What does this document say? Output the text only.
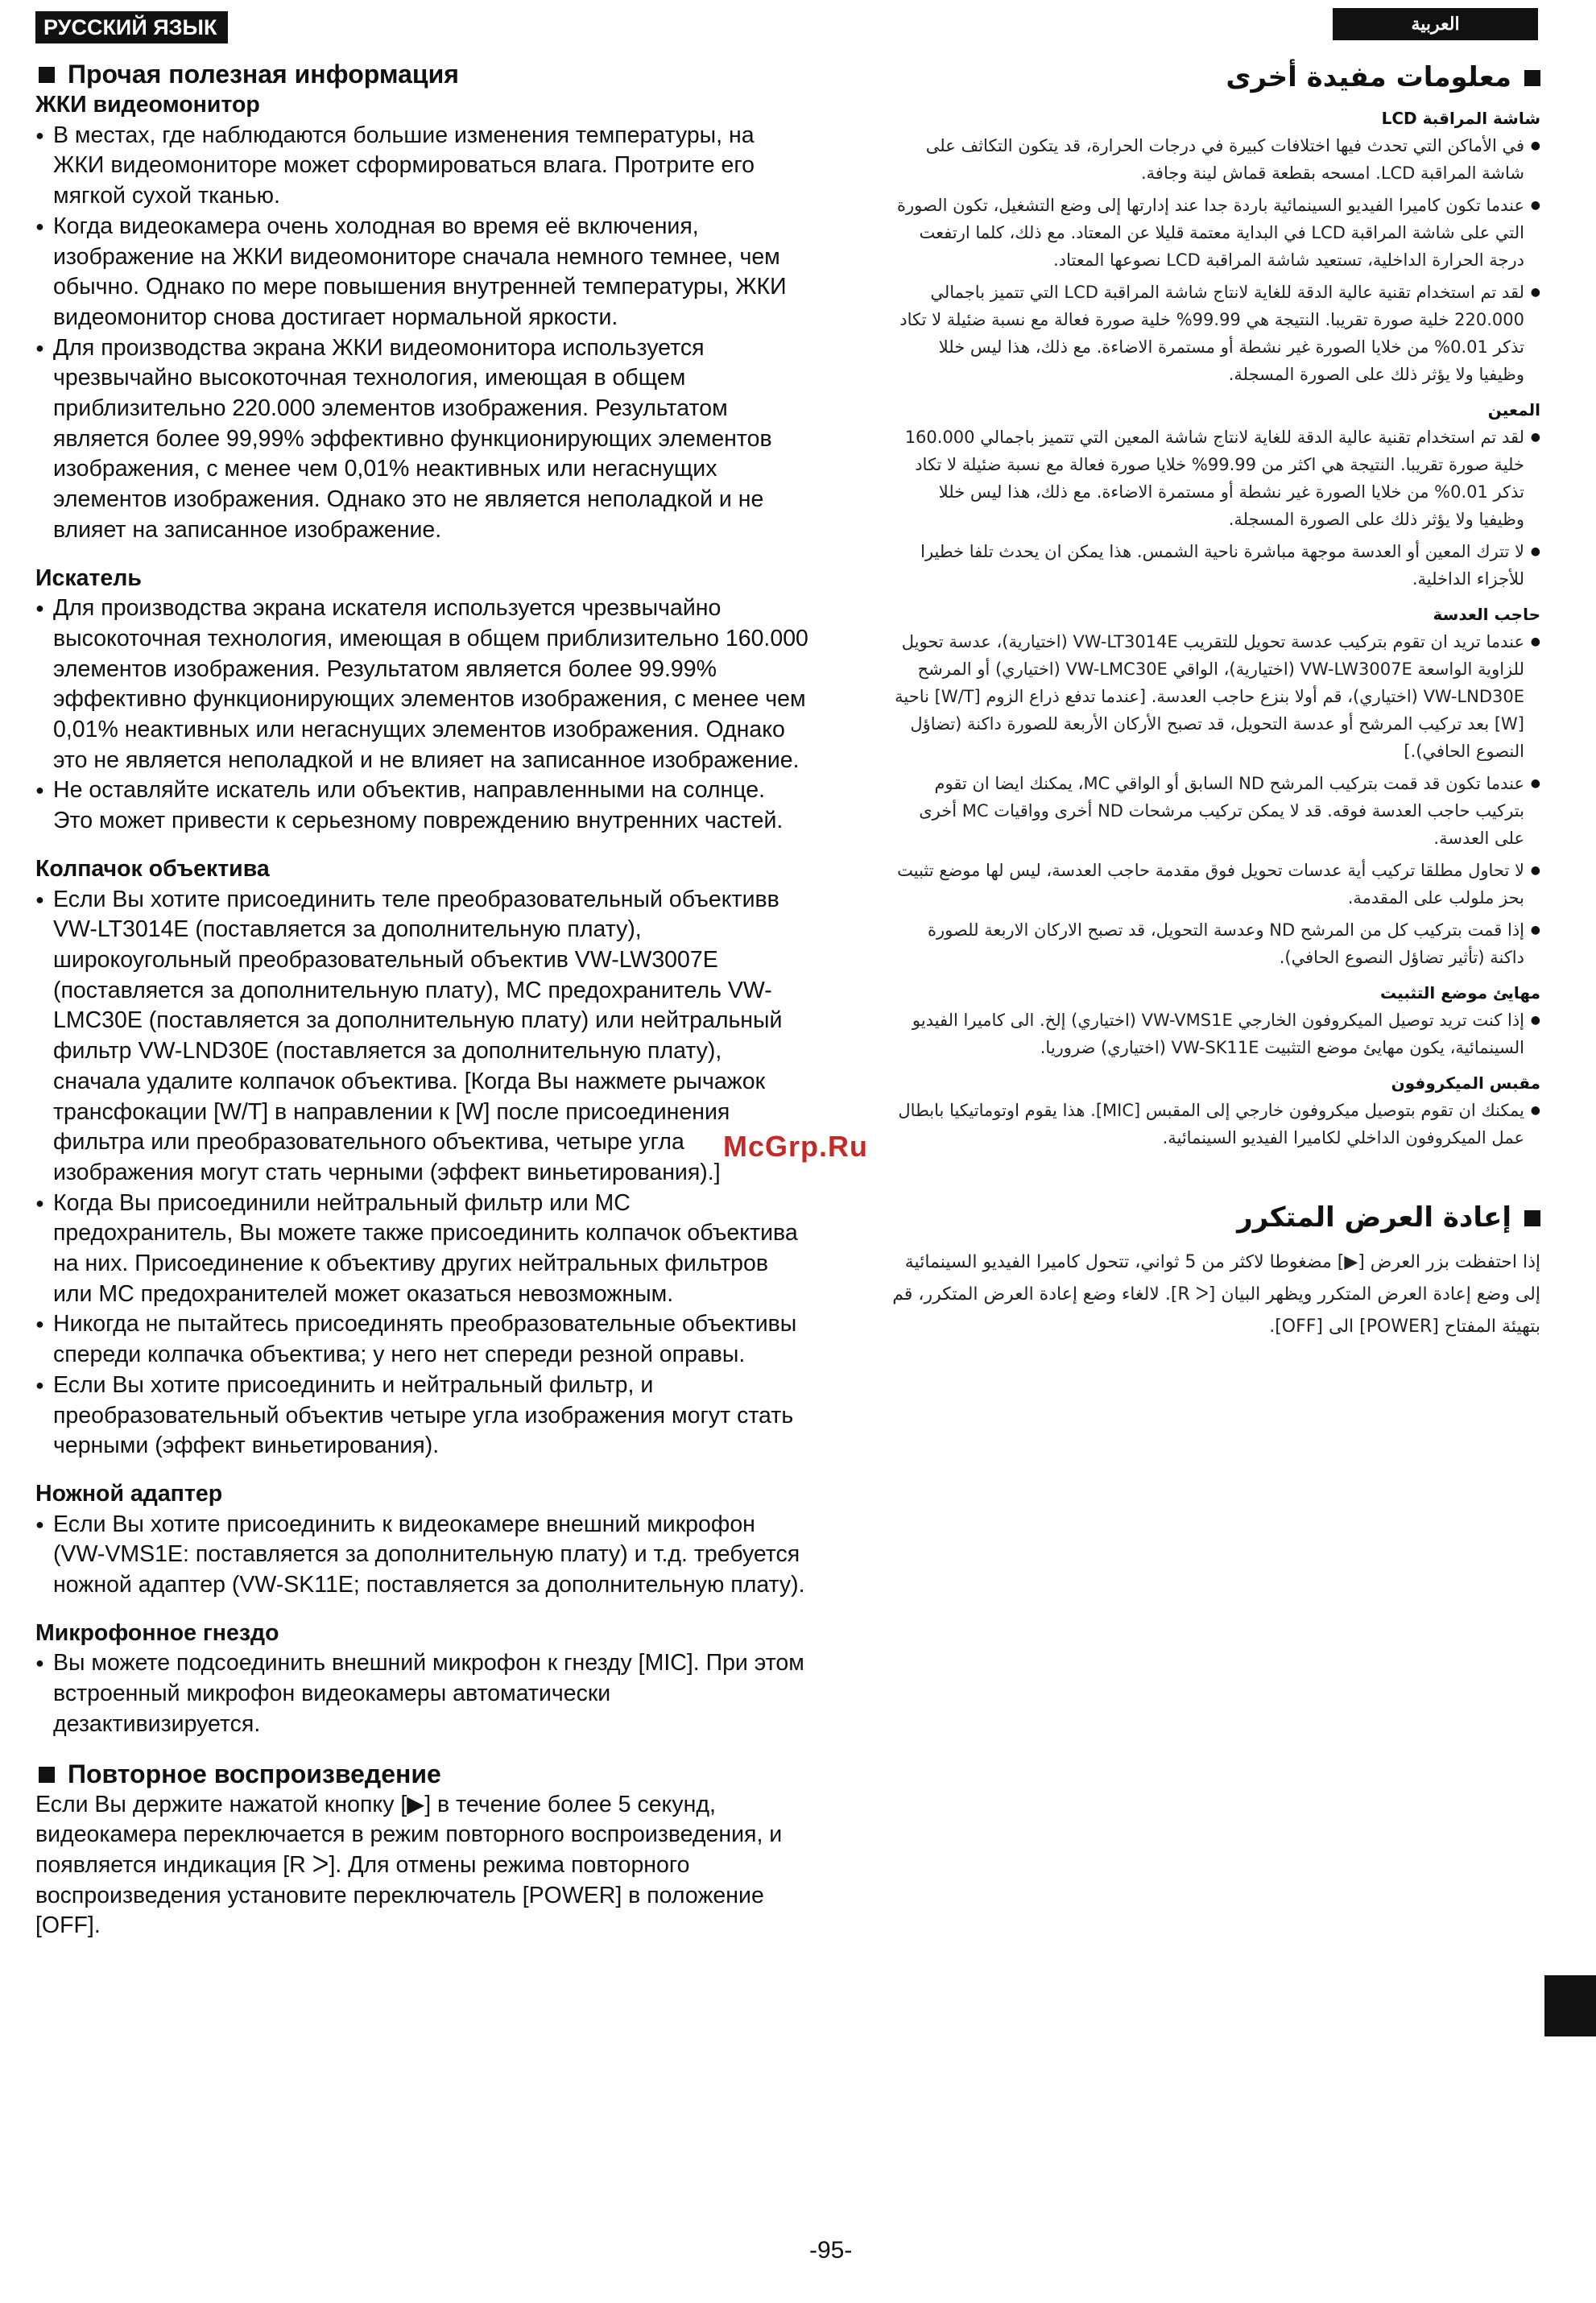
РУССКИЙ ЯЗЫК
Прочая полезная информация
ЖКИ видеомонитор

● В местах, где наблюдаются большие изменения температуры, на ЖКИ видеомониторе может сформироваться влага. Протрите его мягкой сухой тканью.

● Когда видеокамера очень холодная во время её включения, изображение на ЖКИ видеомониторе сначала немного темнее, чем обычно. Однако по мере повышения внутренней температуры, ЖКИ видеомонитор снова достигает нормальной яркости.

● Для производства экрана ЖКИ видеомонитора используется чрезвычайно высокоточная технология, имеющая в общем приблизительно 220.000 элементов изображения. Результатом является более 99,99% эффективно функционирующих элементов изображения, с менее чем 0,01% неактивных или негаснущих элементов изображения. Однако это не является неполадкой и не влияет на записанное изображение.

Искатель

● Для производства экрана искателя используется чрезвычайно высокоточная технология, имеющая в общем приблизительно 160.000 элементов изображения. Результатом является более 99.99% эффективно функционирующих элементов изображения, с менее чем 0,01% неактивных или негаснущих элементов изображения. Однако это не является неполадкой и не влияет на записанное изображение.

● Не оставляйте искатель или объектив, направленными на солнце. Это может привести к серьезному повреждению внутренних частей.

Колпачок объектива

● Если Вы хотите присоединить теле преобразовательный объективв VW-LT3014E (поставляется за дополнительную плату), широкоугольный преобразовательный объектив VW-LW3007E (поставляется за дополнительную плату), МС предохранитель VW-LMC30E (поставляется за дополнительную плату) или нейтральный фильтр VW-LND30E (поставляется за дополнительную плату), сначала удалите колпачок объектива. [Когда Вы нажмете рычажок трансфокации [W/T] в направлении к [W] после присоединения фильтра или преобразовательного объектива, четыре угла изображения могут стать черными (эффект виньетирования).]

● Когда Вы присоединили нейтральный фильтр или МС предохранитель, Вы можете также присоединить колпачок объектива на них. Присоединение к объективу других нейтральных фильтров или МС предохранителей может оказаться невозможным.

● Никогда не пытайтесь присоединять преобразовательные объективы спереди колпачка объектива; у него нет спереди резной оправы.

● Если Вы хотите присоединить и нейтральный фильтр, и преобразовательный объектив четыре угла изображения могут стать черными (эффект виньетирования).

Ножной адаптер

● Если Вы хотите присоединить к видеокамере внешний микрофон (VW-VMS1E: поставляется за дополнительную плату) и т.д. требуется ножной адаптер (VW-SK11E; поставляется за дополнительную плату).

Микрофонное гнездо

● Вы можете подсоединить внешний микрофон к гнезду [MIC]. При этом встроенный микрофон видеокамеры автоматически дезактивизируется.

Повторное воспроизведение

Если Вы держите нажатой кнопку [▶] в течение более 5 секунд, видеокамера переключается в режим повторного воспроизведения, и появляется индикация [R ᐳ]. Для отмены режима повторного воспроизведения установите переключатель [POWER] в положение [OFF].

العربية
معلومات مفيدة أخرى
شاشة المراقبة LCD

● في الأماكن التي تحدث فيها اختلافات كبيرة في درجات الحرارة، قد يتكون التكاثف على شاشة المراقبة LCD. امسحه بقطعة قماش لينة وجافة.

● عندما تكون كاميرا الفيديو السينمائية باردة جدا عند إدارتها إلى وضع التشغيل، تكون الصورة التي على شاشة المراقبة LCD في البداية معتمة قليلا عن المعتاد. مع ذلك، كلما ارتفعت درجة الحرارة الداخلية، تستعيد شاشة المراقبة LCD نصوعها المعتاد.

● لقد تم استخدام تقنية عالية الدقة للغاية لانتاج شاشة المراقبة LCD التي تتميز باجمالي 220.000 خلية صورة تقريبا. النتيجة هي 99.99% خلية صورة فعالة مع نسبة ضئيلة لا تكاد تذكر 0.01% من خلايا الصورة غير نشطة أو مستمرة الاضاءة. مع ذلك، هذا ليس خللا وظيفيا ولا يؤثر ذلك على الصورة المسجلة.

المعين

● لقد تم استخدام تقنية عالية الدقة للغاية لانتاج شاشة المعين التي تتميز باجمالي 160.000 خلية صورة تقريبا. النتيجة هي اكثر من 99.99% خلايا صورة فعالة مع نسبة ضئيلة لا تكاد تذكر 0.01% من خلايا الصورة غير نشطة أو مستمرة الاضاءة. مع ذلك، هذا ليس خللا وظيفيا ولا يؤثر ذلك على الصورة المسجلة.

● لا تترك المعين أو العدسة موجهة مباشرة ناحية الشمس. هذا يمكن ان يحدث تلفا خطيرا للأجزاء الداخلية.

حاجب العدسة

● عندما تريد ان تقوم بتركيب عدسة تحويل للتقريب VW-LT3014E (اختيارية)، عدسة تحويل للزاوية الواسعة VW-LW3007E (اختيارية)، الواقي VW-LMC30E (اختياري) أو المرشح VW-LND30E (اختياري)، قم أولا بنزع حاجب العدسة. [عندما تدفع ذراع الزوم [W/T] ناحية [W] بعد تركيب المرشح أو عدسة التحويل، قد تصبح الأركان الأربعة للصورة داكنة (تضاؤل النصوع الحافي).]

● عندما تكون قد قمت بتركيب المرشح ND السابق أو الواقي MC، يمكنك ايضا ان تقوم بتركيب حاجب العدسة فوقه. قد لا يمكن تركيب مرشحات ND أخرى وواقيات MC أخرى على العدسة.

● لا تحاول مطلقا تركيب أية عدسات تحويل فوق مقدمة حاجب العدسة، ليس لها موضع تثبيت بحز ملولب على المقدمة.

● إذا قمت بتركيب كل من المرشح ND وعدسة التحويل، قد تصبح الاركان الاربعة للصورة داكنة (تأثير تضاؤل النصوع الحافي).

مهايئ موضع التثبيت

● إذا كنت تريد توصيل الميكروفون الخارجي VW-VMS1E (اختياري) إلخ. الى كاميرا الفيديو السينمائية، يكون مهايئ موضع التثبيت VW-SK11E (اختياري) ضروريا.

مقبس الميكروفون

● يمكنك ان تقوم بتوصيل ميكروفون خارجي إلى المقبس [MIC]. هذا يقوم اوتوماتيكيا بابطال عمل الميكروفون الداخلي لكاميرا الفيديو السينمائية.

إعادة العرض المتكرر

إذا احتفظت بزر العرض [▶] مضغوطا لاكثر من 5 ثواني، تتحول كاميرا الفيديو السينمائية إلى وضع إعادة العرض المتكرر ويظهر البيان [R ᐳ]. لالغاء وضع إعادة العرض المتكرر، قم بتهيئة المفتاح [POWER] الى [OFF].

McGrp.Ru
-95-
